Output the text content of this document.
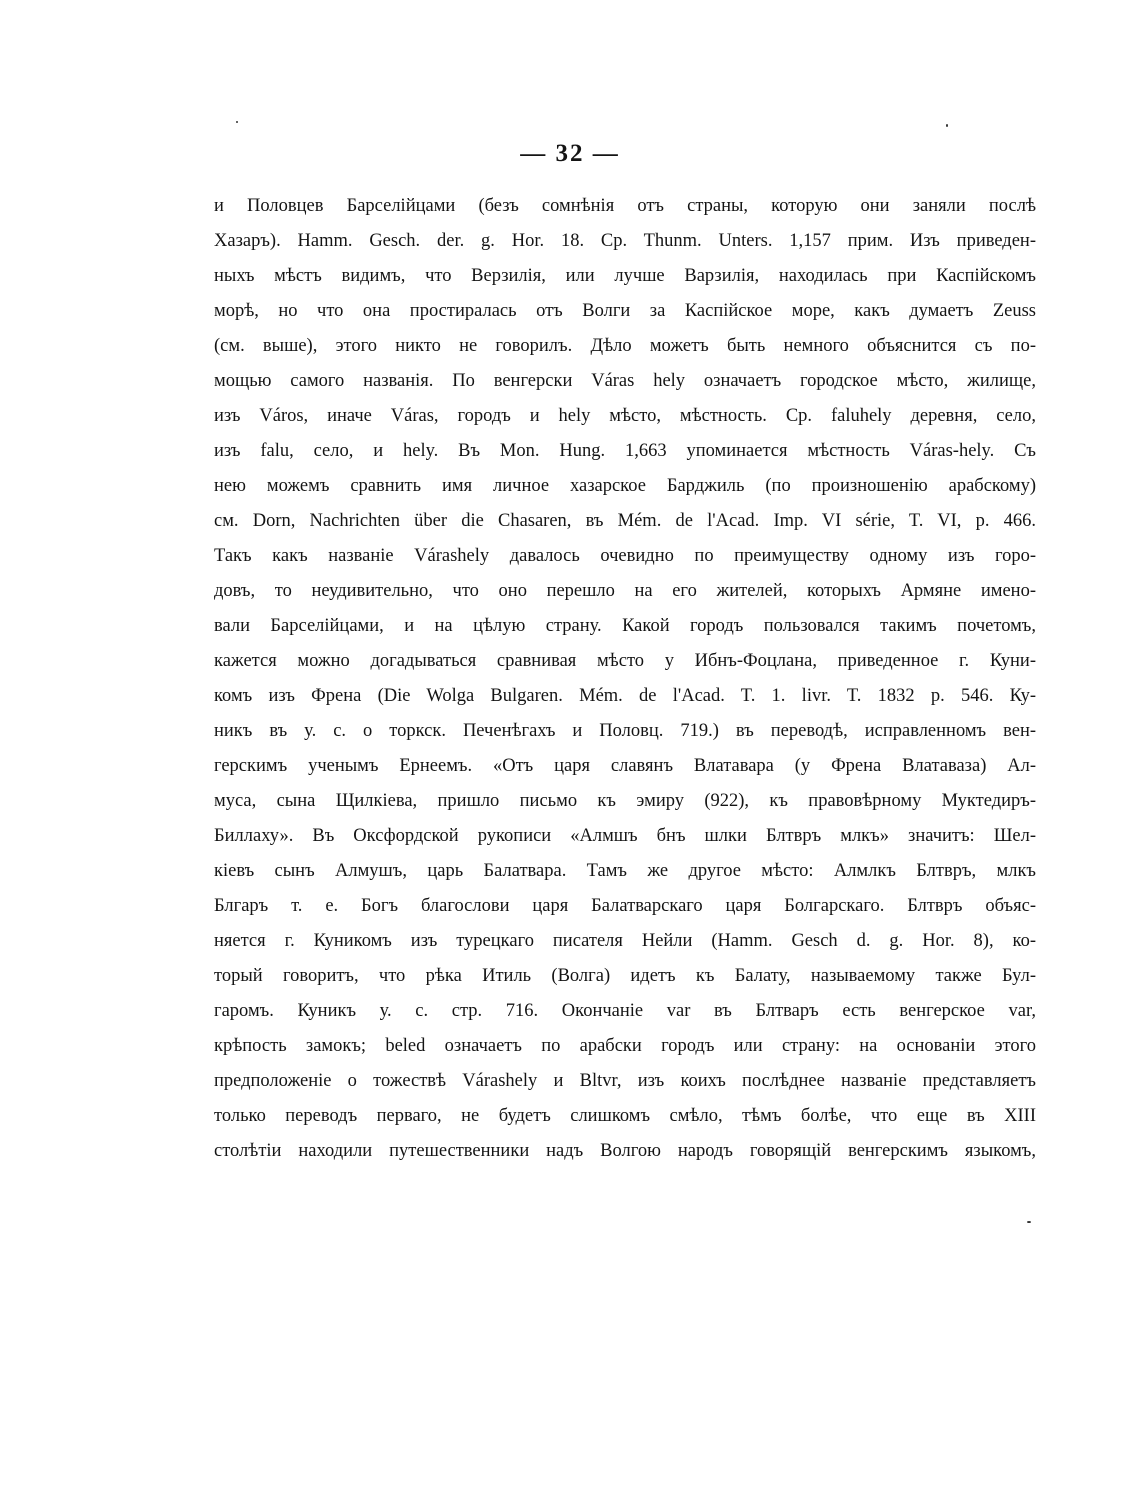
— 32 —
и Половцев Барселійцами (безъ сомнѣнія отъ страны, которую они заняли послѣ
Хазаръ). Hamm. Gesch. der. g. Hor. 18. Cp. Thunm. Unters. 1,157 прим. Изъ приведен-
ныхъ мѣстъ видимъ, что Верзилія, или лучше Варзилія, находилась при Каспійскомъ
морѣ, но что она простиралась отъ Волги за Каспійское море, какъ думаетъ Zeuss
(см. выше), этого никто не говорилъ. Дѣло можетъ быть немного объяснится съ по-
мощью самого названія. По венгерски Váras hely означаетъ городское мѣсто, жилище,
изъ Város, иначе Váras, городъ и hely мѣсто, мѣстность. Cp. faluhely деревня, село,
изъ falu, село, и hely. Въ Mon. Hung. 1,663 упоминается мѣстность Váras-hely. Съ
нею можемъ сравнить имя личное хазарское Барджиль (по произношенію арабскому)
см. Dorn, Nachrichten über die Chasaren, въ Mém. de l'Acad. Imp. VI série, T. VI, p. 466.
Такъ какъ названіе Várashely давалось очевидно по преимуществу одному изъ горо-
довъ, то неудивительно, что оно перешло на его жителей, которыхъ Армяне имено-
вали Барселійцами, и на цѣлую страну. Какой городъ пользовался такимъ почетомъ,
кажется можно догадываться сравнивая мѣсто у Ибнъ-Фоцлана, приведенное г. Куни-
комъ изъ Френа (Die Wolga Bulgaren. Mém. de l'Acad. T. 1. livr. T. 1832 p. 546. Ку-
никъ въ у. с. о торкск. Печенѣгахъ и Половц. 719.) въ переводѣ, исправленномъ вен-
герскимъ ученымъ Ернеемъ. «Отъ царя славянъ Влатавара (у Френа Влатаваза) Ал-
муса, сына Щилкіева, пришло письмо къ эмиру (922), къ правовѣрному Муктедиръ-
Биллаху». Въ Оксфордской рукописи «Алмшъ бнъ шлки Блтвръ млкъ» значитъ: Шел-
кіевъ сынъ Алмушъ, царь Балатвара. Тамъ же другое мѣсто: Алмлкъ Блтвръ, млкъ
Блгаръ т. е. Богъ благослови царя Балатварскаго царя Болгарскаго. Блтвръ объяс-
няется г. Куникомъ изъ турецкаго писателя Нейли (Hamm. Gesch d. g. Hor. 8), ко-
торый говоритъ, что рѣка Итиль (Волга) идетъ къ Балату, называемому также Бул-
гаромъ. Куникъ у. с. стр. 716. Окончаніе var въ Блтваръ есть венгерское var,
крѣпость замокъ; beled означаетъ по арабски городъ или страну: на основаніи этого
предположеніе о тожествѣ Várashely и Bltvr, изъ коихъ послѣднее названіе представляетъ
только переводъ перваго, не будетъ слишкомъ смѣло, тѣмъ болѣе, что еще въ XIII
столѣтіи находили путешественники надъ Волгою народъ говорящій венгерскимъ языкомъ,
